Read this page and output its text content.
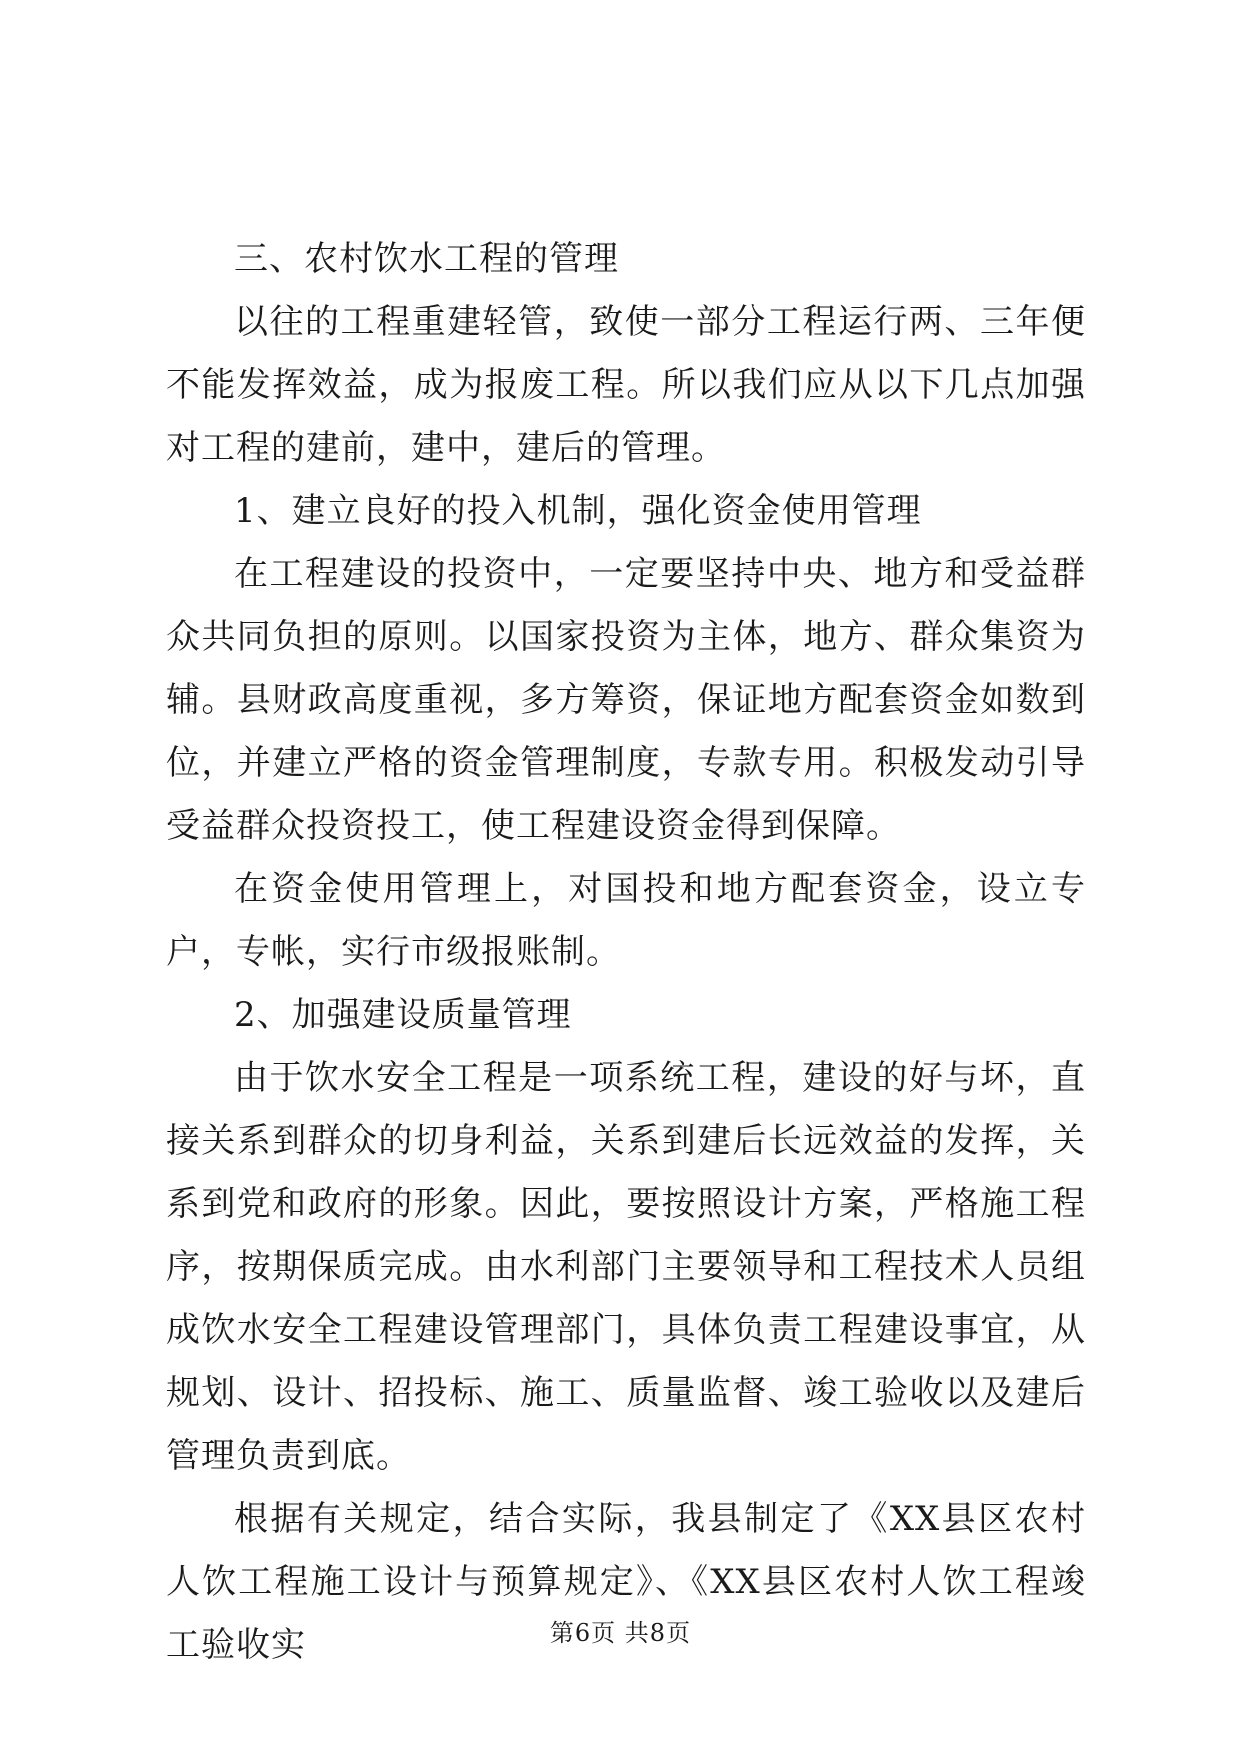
三、农村饮水工程的管理

以往的工程重建轻管，致使一部分工程运行两、三年便不能发挥效益，成为报废工程。所以我们应从以下几点加强对工程的建前，建中，建后的管理。

1、建立良好的投入机制，强化资金使用管理

在工程建设的投资中，一定要坚持中央、地方和受益群众共同负担的原则。以国家投资为主体，地方、群众集资为辅。县财政高度重视，多方筹资，保证地方配套资金如数到位，并建立严格的资金管理制度，专款专用。积极发动引导受益群众投资投工，使工程建设资金得到保障。

在资金使用管理上，对国投和地方配套资金，设立专户，专帐，实行市级报账制。

2、加强建设质量管理

由于饮水安全工程是一项系统工程，建设的好与坏，直接关系到群众的切身利益，关系到建后长远效益的发挥，关系到党和政府的形象。因此，要按照设计方案，严格施工程序，按期保质完成。由水利部门主要领导和工程技术人员组成饮水安全工程建设管理部门，具体负责工程建设事宜，从规划、设计、招投标、施工、质量监督、竣工验收以及建后管理负责到底。

根据有关规定，结合实际，我县制定了《XX县区农村人饮工程施工设计与预算规定》、《XX县区农村人饮工程竣工验收实	第6页 共8页
